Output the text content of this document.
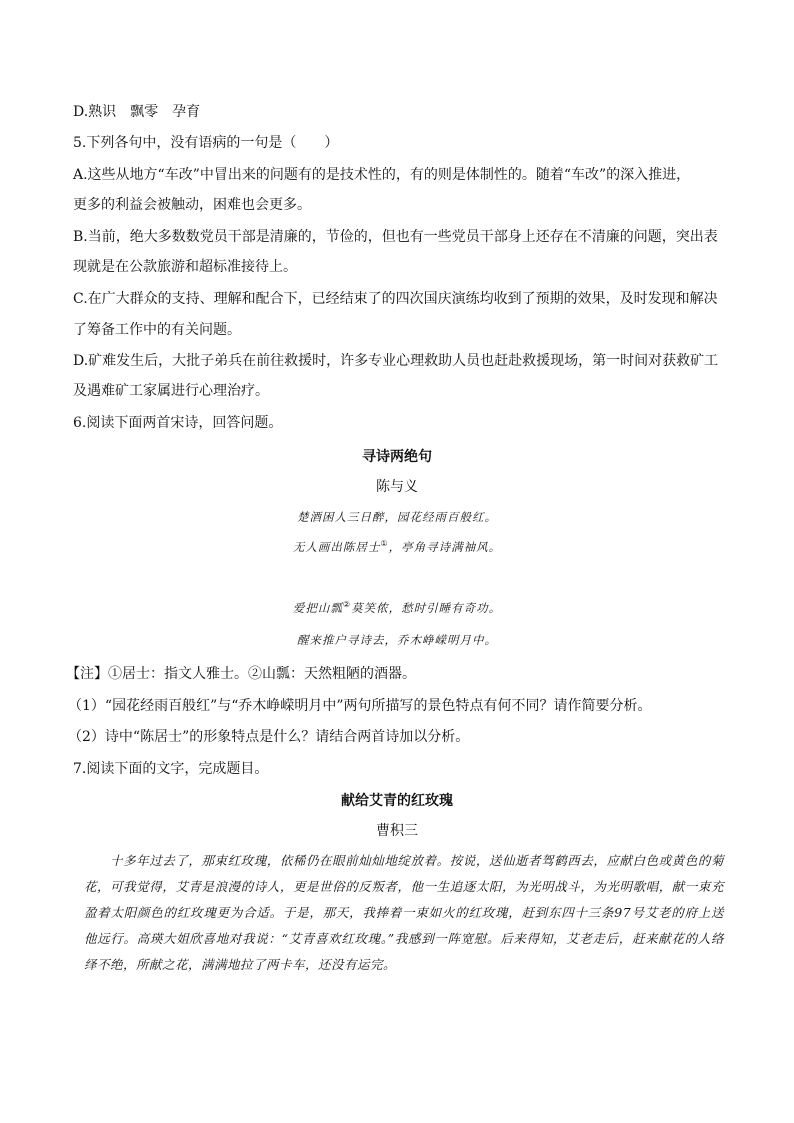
D.熟识　飘零　孕育
5.下列各句中，没有语病的一句是（　　）
A.这些从地方“车改”中冒出来的问题有的是技术性的，有的则是体制性的。随着“车改”的深入推进，
更多的利益会被触动，困难也会更多。
B.当前，绝大多数数党员干部是清廉的，节俭的，但也有一些党员干部身上还存在不清廉的问题，突出表
现就是在公款旅游和超标准接待上。
C.在广大群众的支持、理解和配合下，已经结束了的四次国庆演练均收到了预期的效果，及时发现和解决
了筹备工作中的有关问题。
D.矿难发生后，大批子弟兵在前往救援时，许多专业心理救助人员也赶赴救援现场，第一时间对获救矿工
及遇难矿工家属进行心理治疗。
6.阅读下面两首宋诗，回答问题。
寻诗两绝句
陈与义
楚酒困人三日醉，园花经雨百般红。
无人画出陈居士①，亭角寻诗满袖风。
爱把山瓢②莫笑侬，愁时引睡有奇功。
醒来推户寻诗去，乔木峥嵘明月中。
【注】①居士：指文人雅士。②山瓢：天然粗陋的酒器。
（1）“园花经雨百般红”与“乔木峥嵘明月中”两句所描写的景色特点有何不同？请作简要分析。
（2）诗中“陈居士”的形象特点是什么？请结合两首诗加以分析。
7.阅读下面的文字，完成题目。
献给艾青的红玫瑰
曹积三
十多年过去了，那束红玫瑰，依稀仍在眼前灿灿地绽放着。按说，送仙逝者驾鹤西去，应献白色或黄色的菊花，可我觉得，艾青是浪漫的诗人，更是世俗的反叛者，他一生追逐太阳，为光明战斗，为光明歌唱，献一束充盈着太阳颜色的红玫瑰更为合适。于是，那天，我捧着一束如火的红玫瑰，赶到东四十三条97号艾老的府上送他远行。高瑛大姐欣喜地对我说：“艾青喜欢红玫瑰。”我感到一阵宽慰。后来得知，艾老走后，赶来献花的人络绎不绝，所献之花，满满地拉了两卡车，还没有运完。
